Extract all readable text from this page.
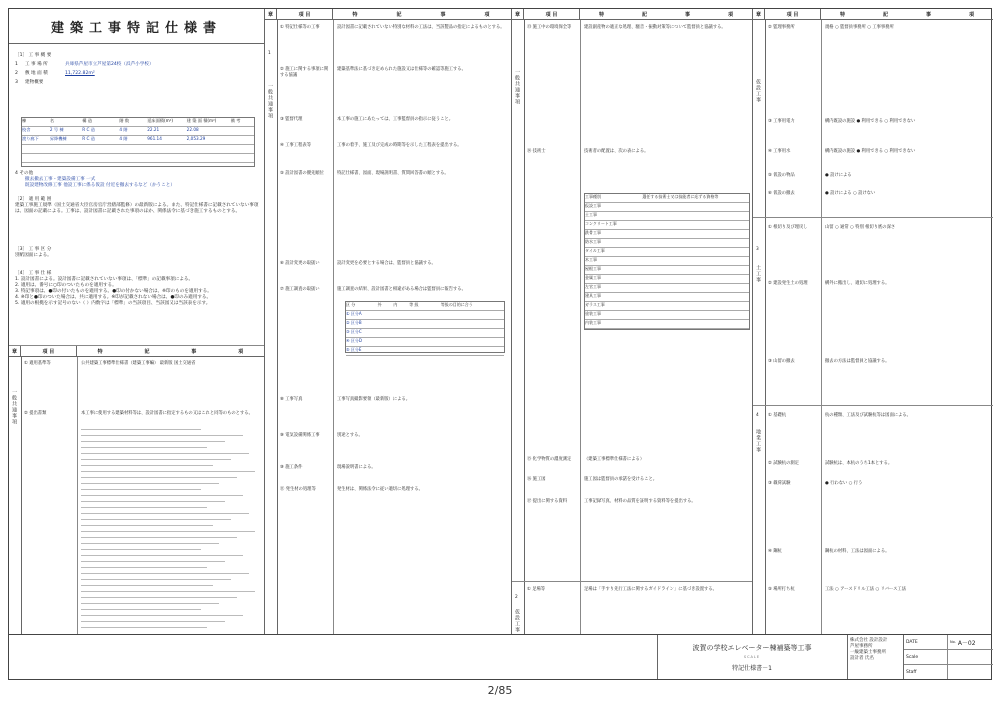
建築工事特記仕様書
［1］ 工 事 概 要
1	工 事 場 所	兵庫県芦屋市立芦屋第24校（浜芦小学校）
2	敷 地 面 積	11,722.82m²
3	建物概要
棟	名	構 造	階 数	延床面積(m²)	建 築 面 積(m²)	備 考
校舎	2 号 棟	R C 造	4 階	22.21	22.08
渡り廊下	昇降機棟	R C 造	4 階	961.14	2,053.29
4 その他
撤去撤去工事・建築設備工事 一式
既設建物改修工事 他設工事に係る仮設 付近を撤去するなど（かうこと）
［2］ 適 用 範 囲
建築工事施工規準（国土交通省大臣官房官庁営繕部監修）の最新版による。また、特記仕様書に記載されていない事項は、図面の記載による。工事は、設計図書に記載された事項のほか、関係法令に基づき施工するものとする。
［3］ 工 事 区 分
別紙図面による。
［4］ 工 事 仕 様
1. 設計図書による。設計図書に記載されていない事項は、「標準」の記載事項による。
2. 適用は、番号に○印のついたものを適用する。
3. 特記事項は、●印の付いたものを適用する。●印の付かない場合は、※印のものを適用する。
4. ※印と●印のついた場合は、共に適用する。※印が記載されない場合は、●印のみ適用する。
5. 適用の根拠を示す記号のない（ ）内数字は「標準」の当該項目、当該図又は当該表を示す。
章	項 目	特	記	事	項
一般共通事項
① 適用基準等	公共建築工事標準仕様書（建築工事編） 最新版 国土交通省
② 提出書類	本工事に使用する建築材料等は、設計図書に指定するもの又はこれと同等のものとする。
章	項 目	特	記	事	項
1
一般共通事項
① 特記仕様等の工事	設計図書に記載されていない特別な材料の工法は、当該製品の指定によるものとする。
② 施工に関する事項に関する協議
建築基準法に基づき定められた施設又は仕様等の確認等施工する。
③ 監督代理	本工事の施工にあたっては、工事監督員の指示に従うこと。
④ 工事工程表等	工事の着手、施工及び完成の時期等を示した工程表を提出する。
⑤ 設計図書の優先順位	特記仕様書、図面、現場説明書、質問回答書の順とする。
⑥ 設計変更の取扱い	設計変更を必要とする場合は、監督員と協議する。
⑦ 施工調査の取扱い	施工調査の結果、設計図書と相違がある場合は監督員に報告する。
⑧ 工事写真	工事写真撮影要領（最新版）による。
⑨ 電気設備関係工事	別途とする。
⑩ 施工条件	現場説明書による。
⑪ 発生材の処理等	発生材は、関係法令に従い適切に処理する。
区 分	外	内	等 級	等級の目的に合う
① 区分A
② 区分B
③ 区分C
④ 区分D
⑤ 区分E
章	項 目	特	記	事	項
一般共通事項
2
仮設工事
⑬ 施工中の環境保全等	建設副産物の適正な処理、騒音・振動対策等について監督員と協議する。
⑭ 技術士	技術者の配置は、次の表による。
⑮ 化学物質の濃度測定	（建築工事標準仕様書による）
⑯ 施工図	施工図は監督員の承諾を受けること。
⑰ 提出に関する資料	工事記録写真、材料の品質を証明する資料等を提出する。
① 足場等	足場は「手すり先行工法に関するガイドライン」に基づき設置する。
工事種別	選任する技術士又は技能者に応ずる資格等
仮設工事
土工事
コンクリート工事
鉄骨工事
防水工事
タイル工事
木工事
屋根工事
金属工事
左官工事
建具工事
ガラス工事
塗装工事
内装工事
章	項 目	特	記	事	項
仮設工事
3
土工事
4
地業工事
② 監理事務所	規格 ○ 監督員事務所 ○ 工事事務所
③ 工事用電力	構内既設の施設 ● 利用できる ○ 利用できない
④ 工事用水	構内既設の施設 ● 利用できる ○ 利用できない
⑤ 仮設の物品	● 設けによる
⑥ 仮設の撤去	● 設けによる ○ 設けない
① 根切り及び埋戻し	山留 ○ 通常 ○ 特別 根切り底の深さ
② 建設発生土の処理	構外に搬出し、適切に処理する。
③ 山留の撤去	撤去の方法は監督員と協議する。
① 基礎杭	杭の種類、工法及び試験杭等は図面による。
② 試験杭の測定	試験杭は、本杭のうち1本とする。
③ 載荷試験	● 行わない ○ 行う
④ 鋼杭	鋼杭の材料、工法は図面による。
⑤ 場所打ち杭	工法 ○ アースドリル工法 ○ リバース工法
波賀の学校エレベーター棟補築等工事
SCALE
特記仕様書－1
株式会社 設計設計
芦屋事務所
一級建築士事務所
設計者 氏名
DATE	No. A－02
Scale
Staff
2/85
